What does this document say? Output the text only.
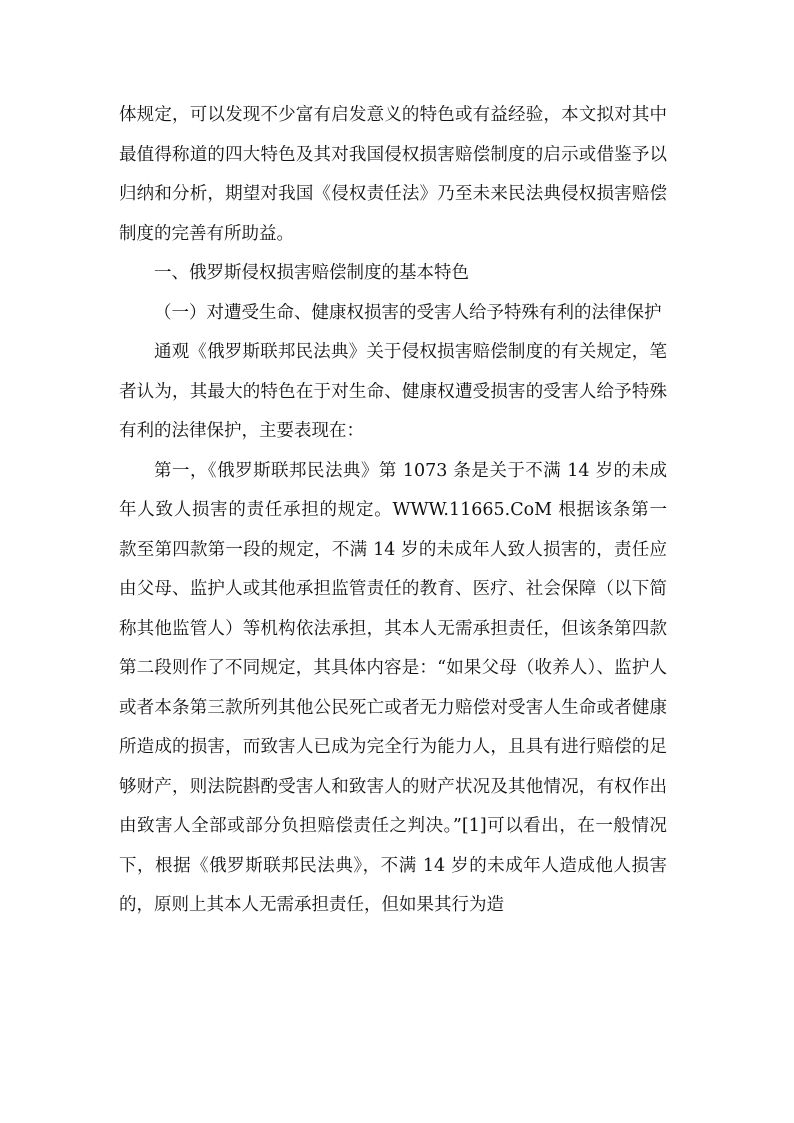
体规定，可以发现不少富有启发意义的特色或有益经验，本文拟对其中最值得称道的四大特色及其对我国侵权损害赔偿制度的启示或借鉴予以归纳和分析，期望对我国《侵权责任法》乃至未来民法典侵权损害赔偿制度的完善有所助益。

一、俄罗斯侵权损害赔偿制度的基本特色

（一）对遭受生命、健康权损害的受害人给予特殊有利的法律保护

通观《俄罗斯联邦民法典》关于侵权损害赔偿制度的有关规定，笔者认为，其最大的特色在于对生命、健康权遭受损害的受害人给予特殊有利的法律保护，主要表现在：

第一，《俄罗斯联邦民法典》第 1073 条是关于不满 14 岁的未成年人致人损害的责任承担的规定。WWW.11665.CoM 根据该条第一款至第四款第一段的规定，不满 14 岁的未成年人致人损害的，责任应由父母、监护人或其他承担监管责任的教育、医疗、社会保障（以下简称其他监管人）等机构依法承担，其本人无需承担责任，但该条第四款第二段则作了不同规定，其具体内容是：“如果父母（收养人）、监护人或者本条第三款所列其他公民死亡或者无力赔偿对受害人生命或者健康所造成的损害，而致害人已成为完全行为能力人，且具有进行赔偿的足够财产，则法院斟酌受害人和致害人的财产状况及其他情况，有权作出由致害人全部或部分负担赔偿责任之判决。”[1]可以看出，在一般情况下，根据《俄罗斯联邦民法典》，不满 14 岁的未成年人造成他人损害的，原则上其本人无需承担责任，但如果其行为造
